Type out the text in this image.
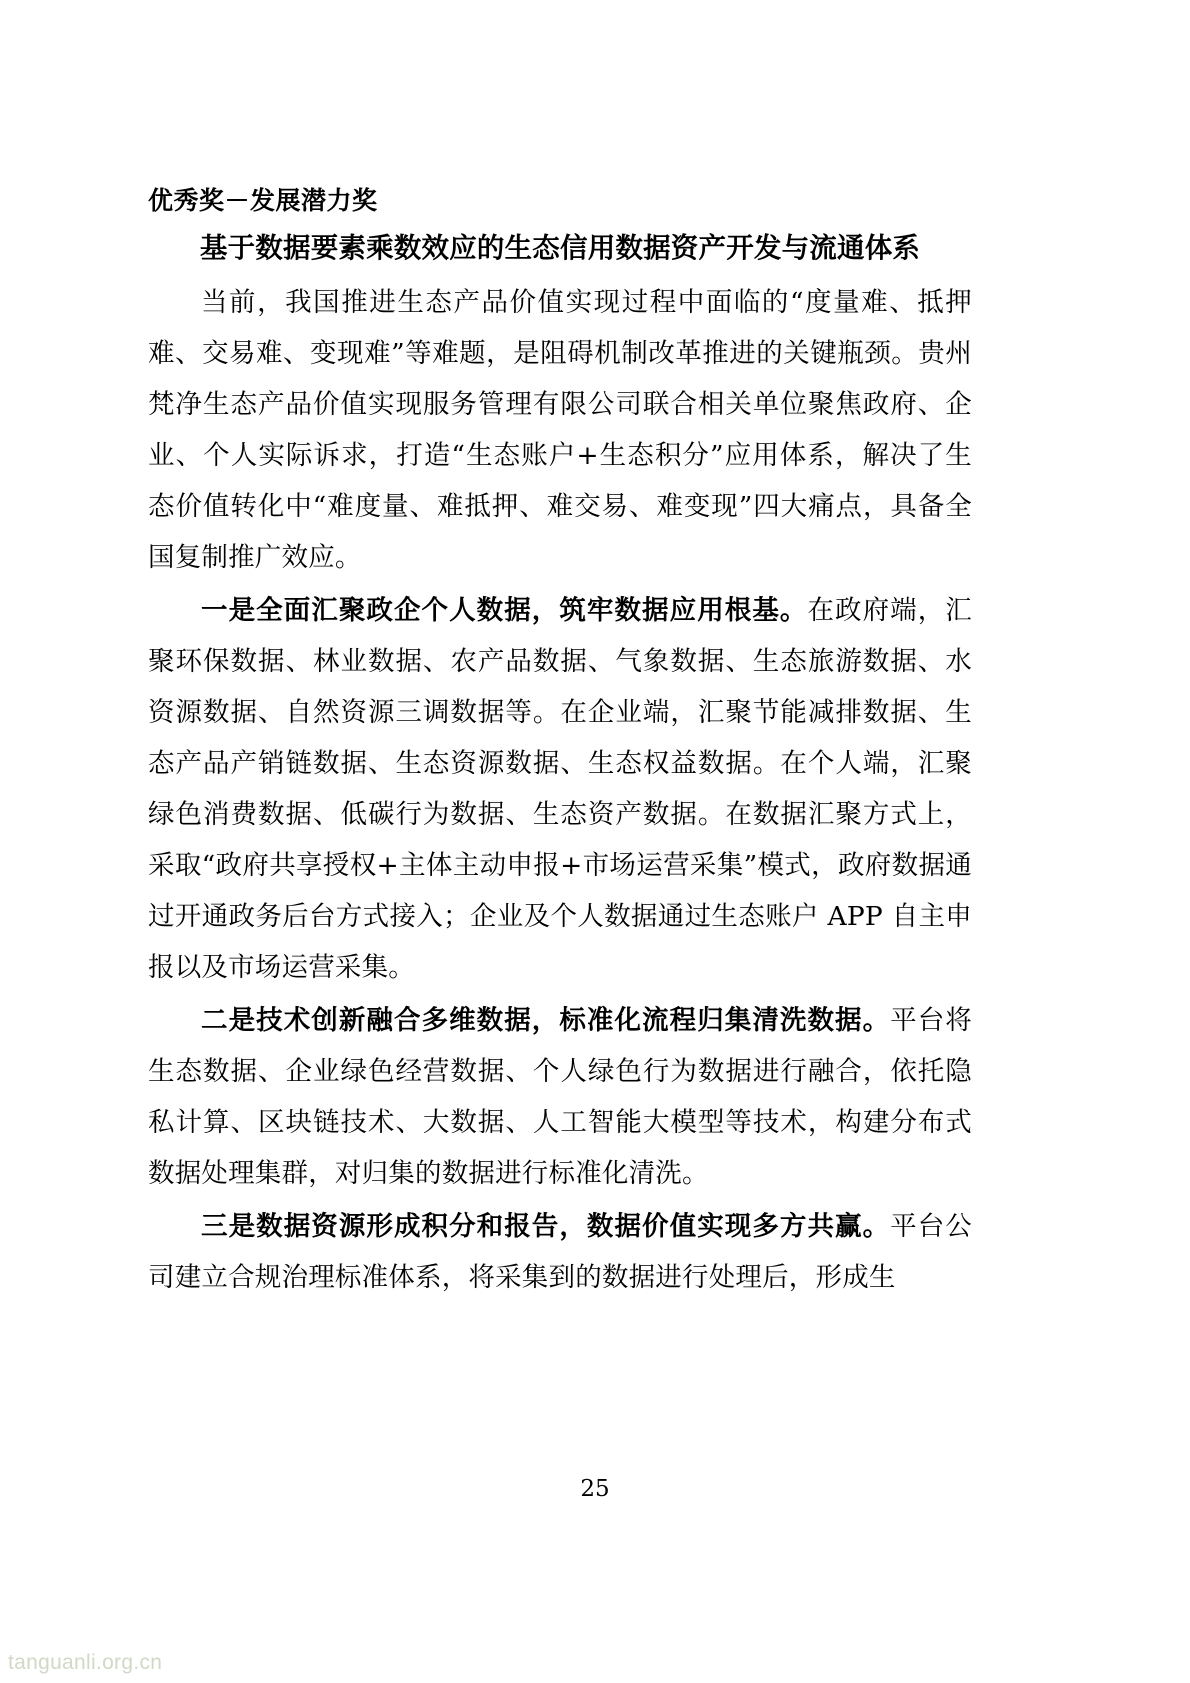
优秀奖－发展潜力奖
基于数据要素乘数效应的生态信用数据资产开发与流通体系

当前，我国推进生态产品价值实现过程中面临的“度量难、抵押难、交易难、变现难”等难题，是阻碍机制改革推进的关键瓶颈。贵州梵净生态产品价值实现服务管理有限公司联合相关单位聚焦政府、企业、个人实际诉求，打造“生态账户+生态积分”应用体系，解决了生态价值转化中“难度量、难抵押、难交易、难变现”四大痛点，具备全国复制推广效应。

一是全面汇聚政企个人数据，筑牢数据应用根基。在政府端，汇聚环保数据、林业数据、农产品数据、气象数据、生态旅游数据、水资源数据、自然资源三调数据等。在企业端，汇聚节能减排数据、生态产品产销链数据、生态资源数据、生态权益数据。在个人端，汇聚绿色消费数据、低碳行为数据、生态资产数据。在数据汇聚方式上，采取“政府共享授权+主体主动申报+市场运营采集”模式，政府数据通过开通政务后台方式接入；企业及个人数据通过生态账户 APP 自主申报以及市场运营采集。

二是技术创新融合多维数据，标准化流程归集清洗数据。平台将生态数据、企业绿色经营数据、个人绿色行为数据进行融合，依托隐私计算、区块链技术、大数据、人工智能大模型等技术，构建分布式数据处理集群，对归集的数据进行标准化清洗。

三是数据资源形成积分和报告，数据价值实现多方共赢。平台公司建立合规治理标准体系，将采集到的数据进行处理后，形成生

25
tanguanli.org.cn
